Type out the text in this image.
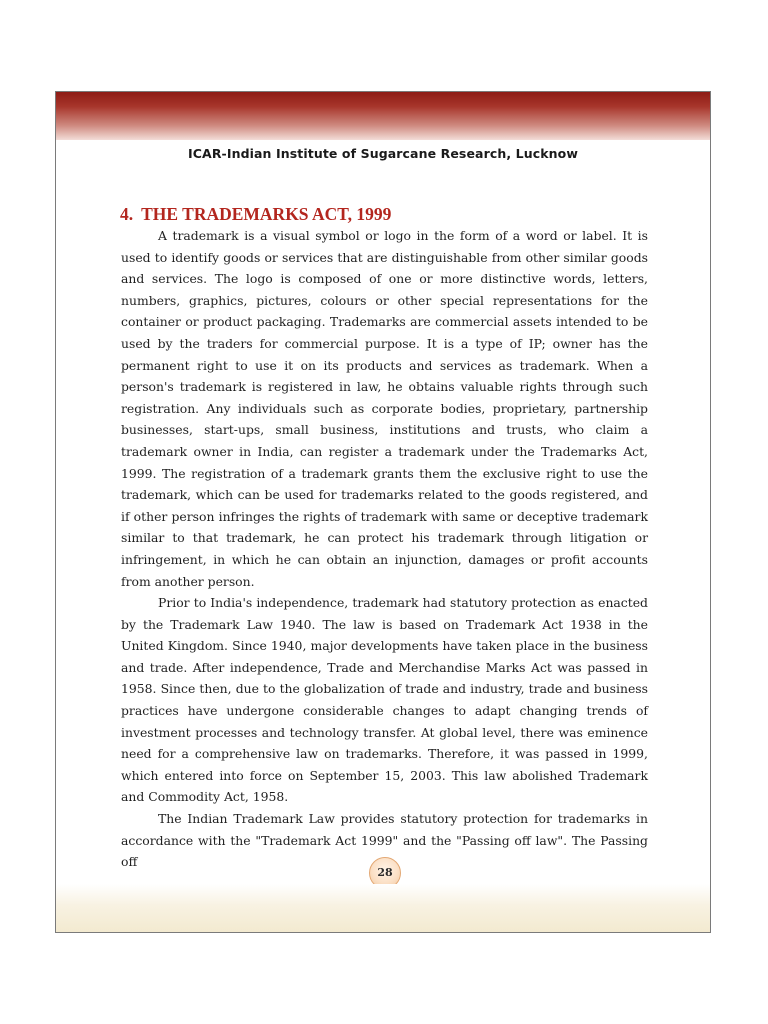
ICAR-Indian Institute of Sugarcane Research, Lucknow
4. THE TRADEMARKS ACT, 1999

A trademark is a visual symbol or logo in the form of a word or label. It is used to identify goods or services that are distinguishable from other similar goods and services. The logo is composed of one or more distinctive words, letters, numbers, graphics, pictures, colours or other special representations for the container or product packaging. Trademarks are commercial assets intended to be used by the traders for commercial purpose. It is a type of IP; owner has the permanent right to use it on its products and services as trademark. When a person's trademark is registered in law, he obtains valuable rights through such registration. Any individuals such as corporate bodies, proprietary, partnership businesses, start-ups, small business, institutions and trusts, who claim a trademark owner in India, can register a trademark under the Trademarks Act, 1999. The registration of a trademark grants them the exclusive right to use the trademark, which can be used for trademarks related to the goods registered, and if other person infringes the rights of trademark with same or deceptive trademark similar to that trademark, he can protect his trademark through litigation or infringement, in which he can obtain an injunction, damages or profit accounts from another person.

Prior to India's independence, trademark had statutory protection as enacted by the Trademark Law 1940. The law is based on Trademark Act 1938 in the United Kingdom. Since 1940, major developments have taken place in the business and trade. After independence, Trade and Merchandise Marks Act was passed in 1958. Since then, due to the globalization of trade and industry, trade and business practices have undergone considerable changes to adapt changing trends of investment processes and technology transfer. At global level, there was eminence need for a comprehensive law on trademarks. Therefore, it was passed in 1999, which entered into force on September 15, 2003. This law abolished Trademark and Commodity Act, 1958.

The Indian Trademark Law provides statutory protection for trademarks in accordance with the "Trademark Act 1999" and the "Passing off law". The Passing off

28
